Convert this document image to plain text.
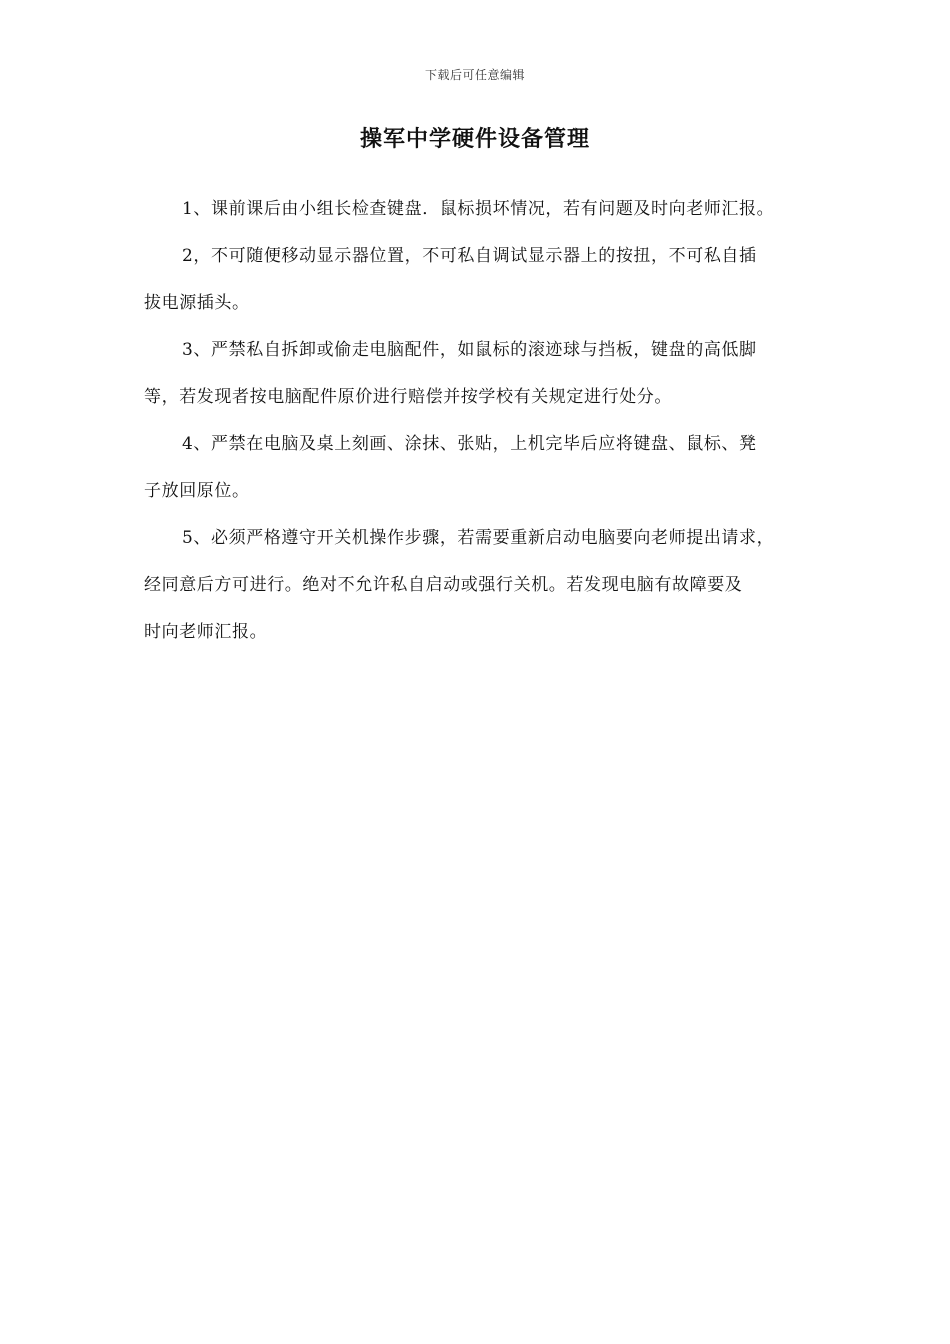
下载后可任意编辑
操军中学硬件设备管理
1、课前课后由小组长检查键盘．鼠标损坏情况，若有问题及时向老师汇报。
2，不可随便移动显示器位置，不可私自调试显示器上的按扭，不可私自插
拔电源插头。
3、严禁私自拆卸或偷走电脑配件，如鼠标的滚迹球与挡板，键盘的高低脚
等，若发现者按电脑配件原价进行赔偿并按学校有关规定进行处分。
4、严禁在电脑及桌上刻画、涂抹、张贴，上机完毕后应将键盘、鼠标、凳
子放回原位。
5、必须严格遵守开关机操作步骤，若需要重新启动电脑要向老师提出请求，
经同意后方可进行。绝对不允许私自启动或强行关机。若发现电脑有故障要及
时向老师汇报。
